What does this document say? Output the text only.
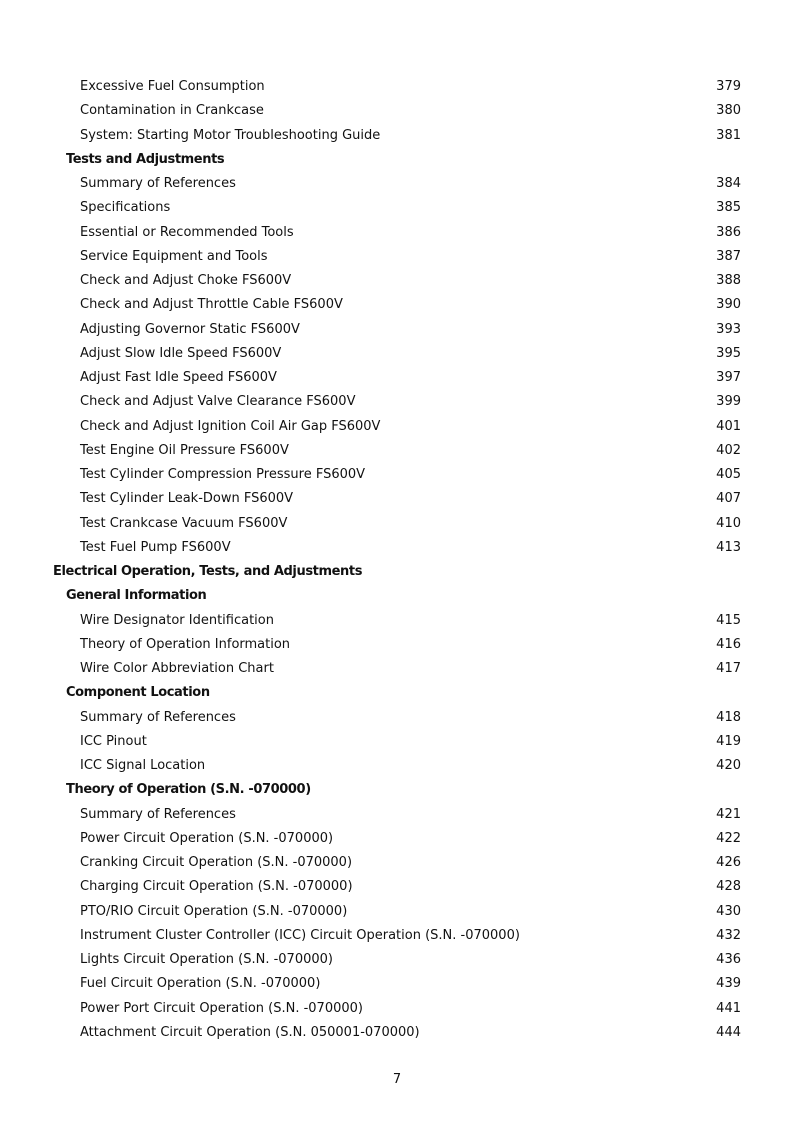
Excessive Fuel Consumption	379
Contamination in Crankcase	380
System: Starting Motor Troubleshooting Guide	381
Tests and Adjustments
Summary of References	384
Specifications	385
Essential or Recommended Tools	386
Service Equipment and Tools	387
Check and Adjust Choke FS600V	388
Check and Adjust Throttle Cable FS600V	390
Adjusting Governor Static FS600V	393
Adjust Slow Idle Speed FS600V	395
Adjust Fast Idle Speed FS600V	397
Check and Adjust Valve Clearance FS600V	399
Check and Adjust Ignition Coil Air Gap FS600V	401
Test Engine Oil Pressure FS600V	402
Test Cylinder Compression Pressure FS600V	405
Test Cylinder Leak-Down FS600V	407
Test Crankcase Vacuum FS600V	410
Test Fuel Pump FS600V	413
Electrical Operation, Tests, and Adjustments
General Information
Wire Designator Identification	415
Theory of Operation Information	416
Wire Color Abbreviation Chart	417
Component Location
Summary of References	418
ICC Pinout	419
ICC Signal Location	420
Theory of Operation (S.N. -070000)
Summary of References	421
Power Circuit Operation (S.N. -070000)	422
Cranking Circuit Operation (S.N. -070000)	426
Charging Circuit Operation (S.N. -070000)	428
PTO/RIO Circuit Operation (S.N. -070000)	430
Instrument Cluster Controller (ICC) Circuit Operation (S.N. -070000)	432
Lights Circuit Operation (S.N. -070000)	436
Fuel Circuit Operation (S.N. -070000)	439
Power Port Circuit Operation (S.N. -070000)	441
Attachment Circuit Operation (S.N. 050001-070000)	444
7
